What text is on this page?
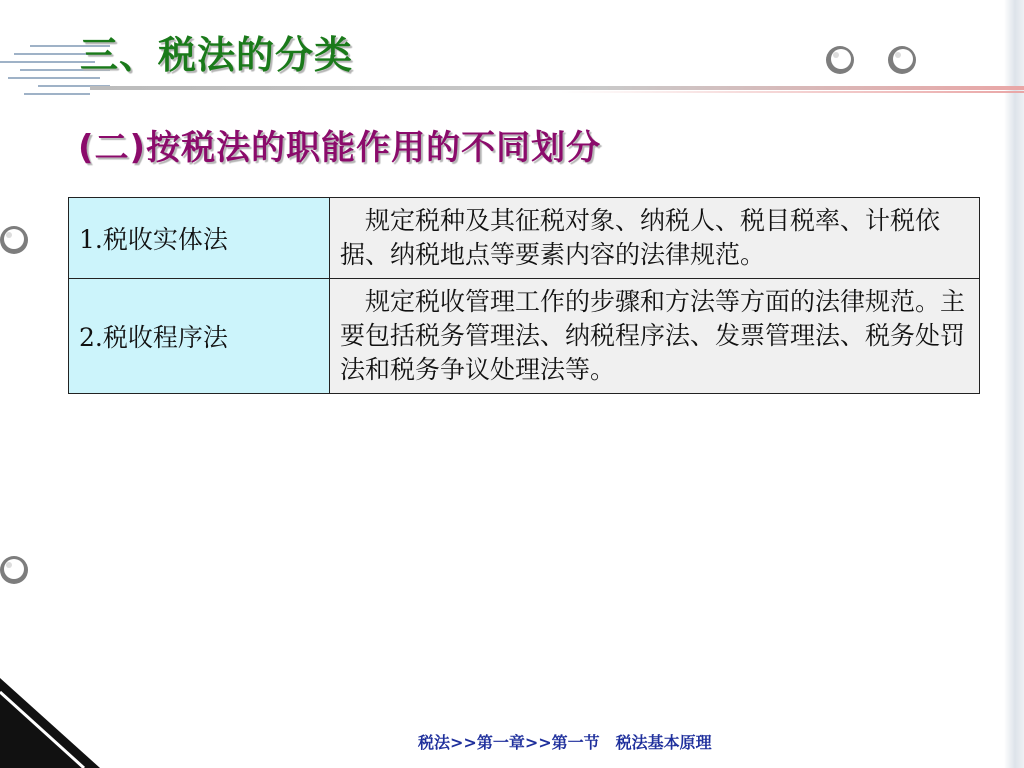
三、税法的分类
(二)按税法的职能作用的不同划分
1.税收实体法	规定税种及其征税对象、纳税人、税目税率、计税依据、纳税地点等要素内容的法律规范。
2.税收程序法	规定税收管理工作的步骤和方法等方面的法律规范。主要包括税务管理法、纳税程序法、发票管理法、税务处罚法和税务争议处理法等。
税法>>第一章>>第一节　税法基本原理
